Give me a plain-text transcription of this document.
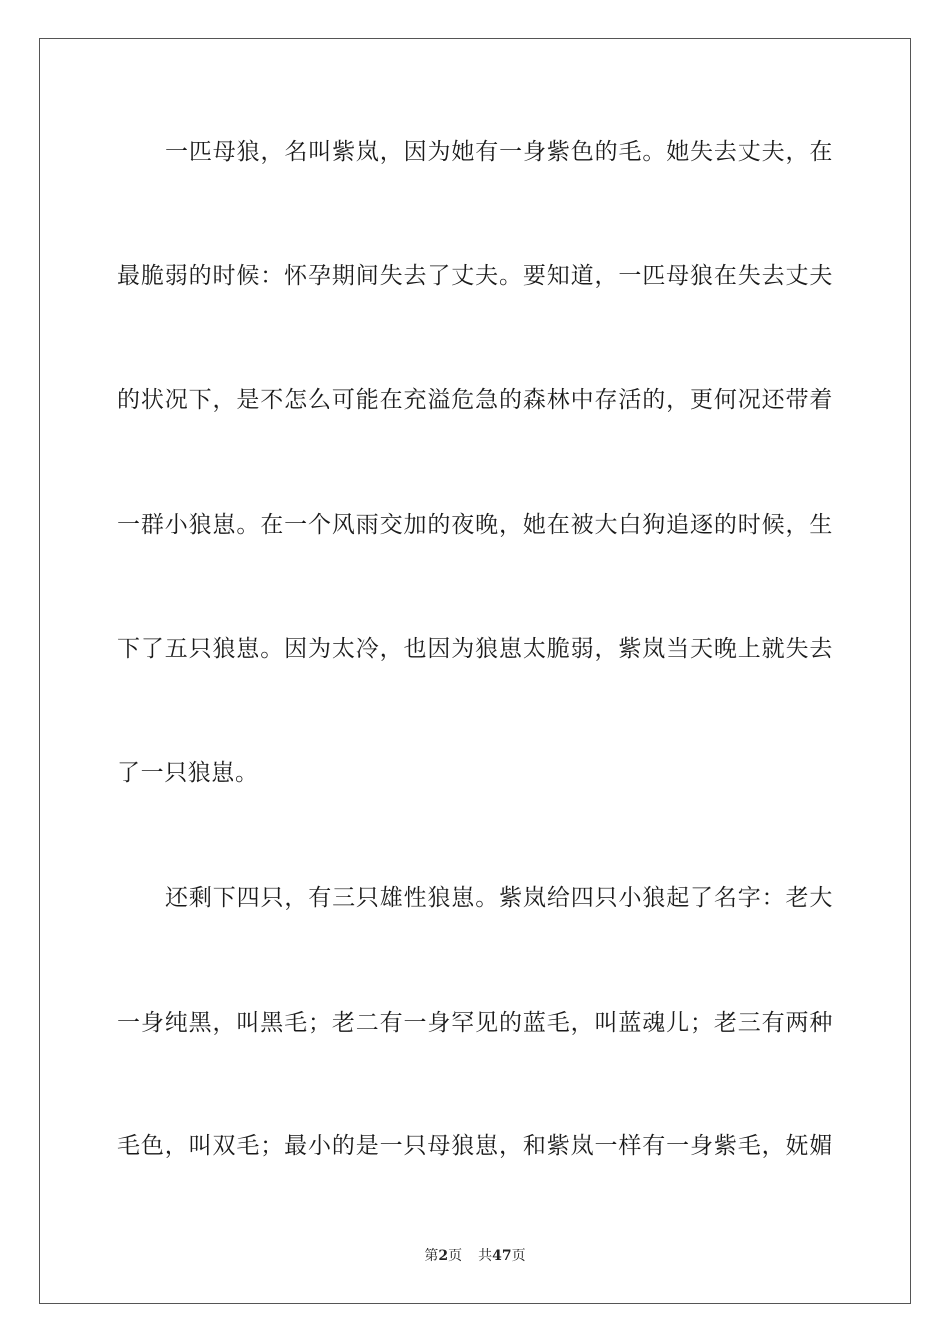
一匹母狼，名叫紫岚，因为她有一身紫色的毛。她失去丈夫，在
最脆弱的时候：怀孕期间失去了丈夫。要知道，一匹母狼在失去丈夫
的状况下，是不怎么可能在充溢危急的森林中存活的，更何况还带着
一群小狼崽。在一个风雨交加的夜晚，她在被大白狗追逐的时候，生
下了五只狼崽。因为太冷，也因为狼崽太脆弱，紫岚当天晚上就失去
了一只狼崽。
还剩下四只，有三只雄性狼崽。紫岚给四只小狼起了名字：老大
一身纯黑，叫黑毛；老二有一身罕见的蓝毛，叫蓝魂儿；老三有两种
毛色，叫双毛；最小的是一只母狼崽，和紫岚一样有一身紫毛，妩媚
第2页 共47页
